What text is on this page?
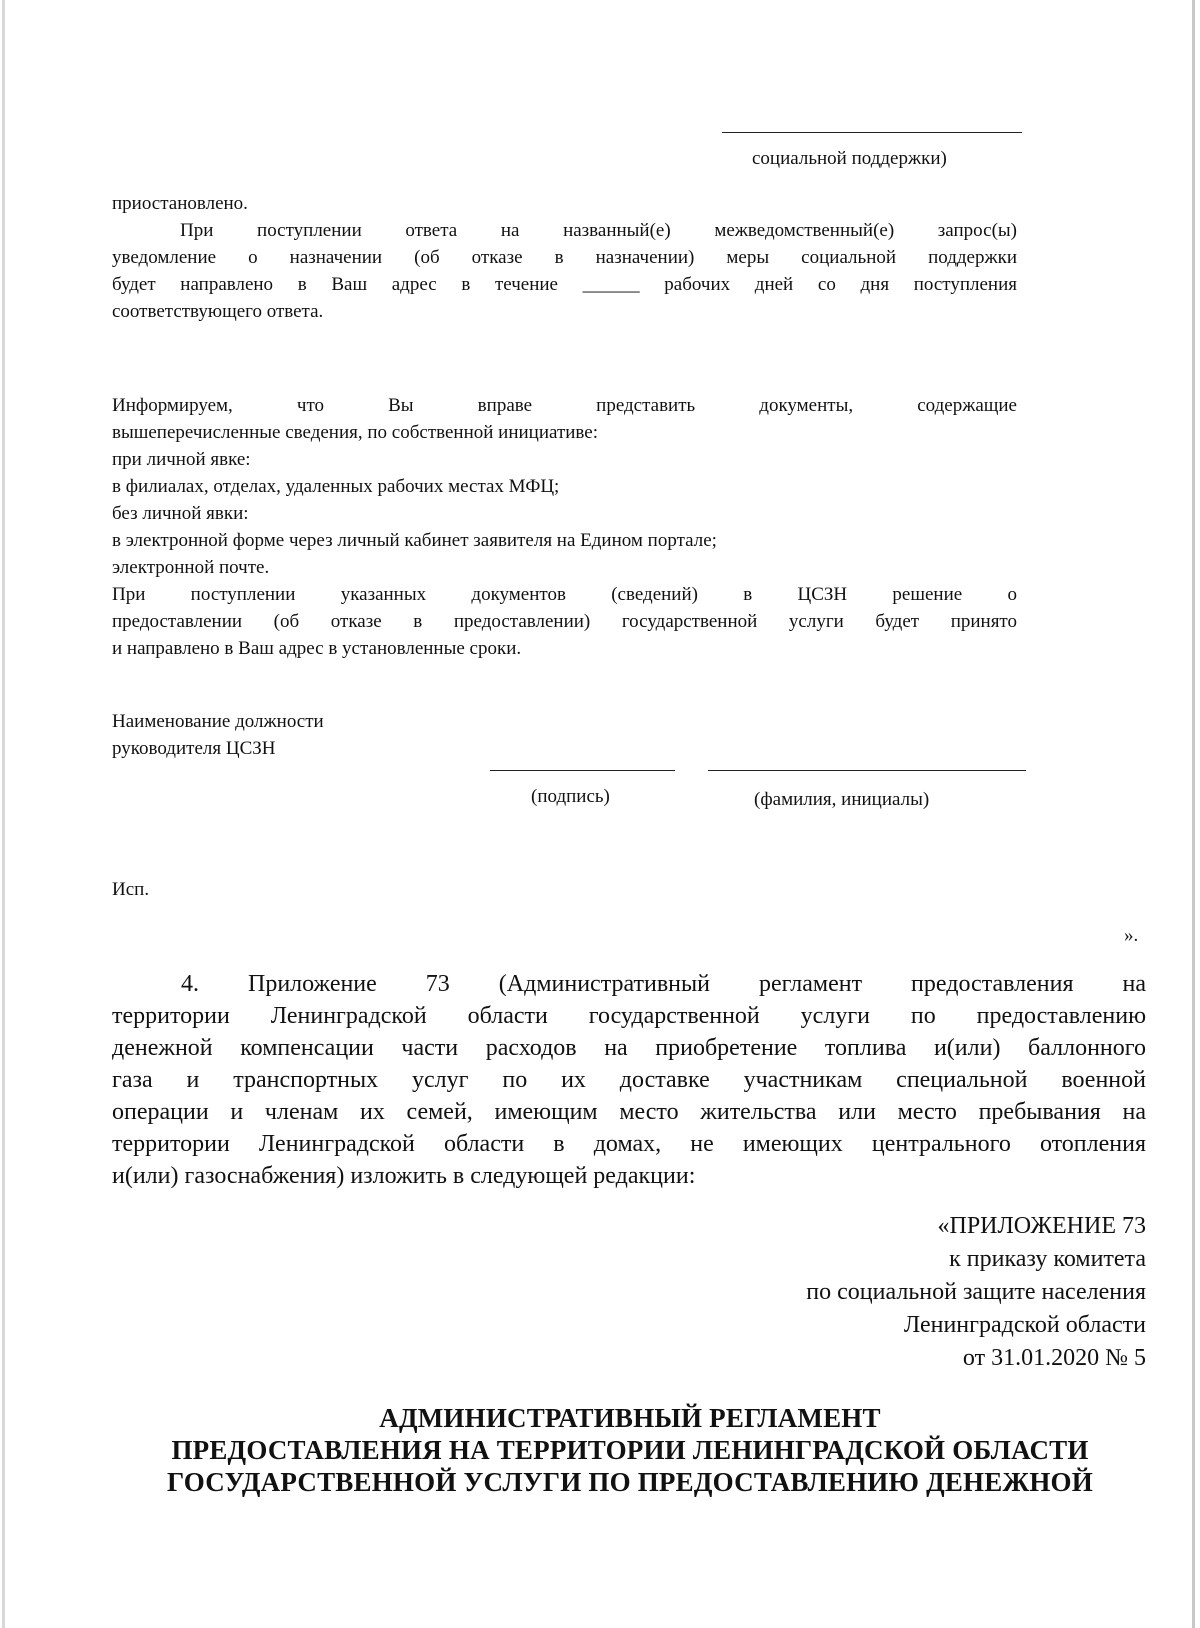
социальной поддержки)
приостановлено.
При поступлении ответа на названный(е) межведомственный(е) запрос(ы)
уведомление о назначении (об отказе в назначении) меры социальной поддержки
будет направлено в Ваш адрес в течение ______ рабочих дней со дня поступления
соответствующего ответа.
Информируем, что Вы вправе представить документы, содержащие
вышеперечисленные сведения, по собственной инициативе:
при личной явке:
в филиалах, отделах, удаленных рабочих местах МФЦ;
без личной явки:
в электронной форме через личный кабинет заявителя на Едином портале;
электронной почте.
При поступлении указанных документов (сведений) в ЦСЗН решение о
предоставлении (об отказе в предоставлении) государственной услуги будет принято
и направлено в Ваш адрес в установленные сроки.
Наименование должности
руководителя ЦСЗН
(подпись)	(фамилия, инициалы)
Исп.
».
4. Приложение 73 (Административный регламент предоставления на
территории Ленинградской области государственной услуги по предоставлению
денежной компенсации части расходов на приобретение топлива и(или) баллонного
газа и транспортных услуг по их доставке участникам специальной военной
операции и членам их семей, имеющим место жительства или место пребывания на
территории Ленинградской области в домах, не имеющих центрального отопления
и(или) газоснабжения) изложить в следующей редакции:
«ПРИЛОЖЕНИЕ 73
к приказу комитета
по социальной защите населения
Ленинградской области
от 31.01.2020 № 5
АДМИНИСТРАТИВНЫЙ РЕГЛАМЕНТ
ПРЕДОСТАВЛЕНИЯ НА ТЕРРИТОРИИ ЛЕНИНГРАДСКОЙ ОБЛАСТИ
ГОСУДАРСТВЕННОЙ УСЛУГИ ПО ПРЕДОСТАВЛЕНИЮ ДЕНЕЖНОЙ
